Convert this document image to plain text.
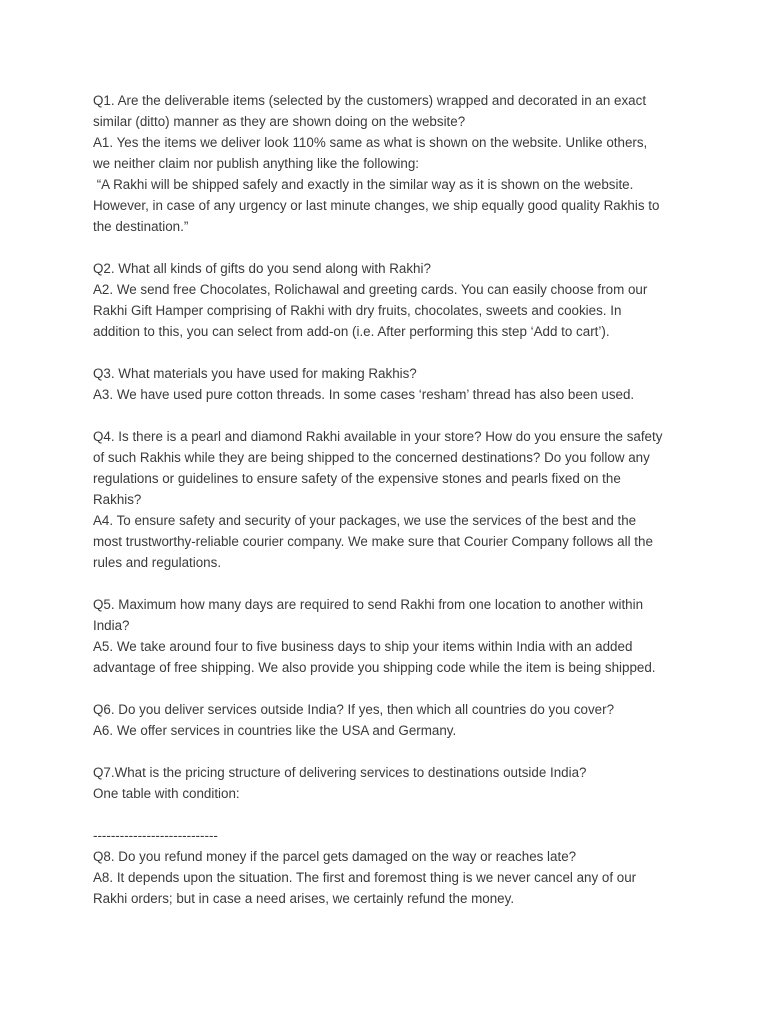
Q1. Are the deliverable items (selected by the customers) wrapped and decorated in an exact
similar (ditto) manner as they are shown doing on the website?
A1. Yes the items we deliver look 110% same as what is shown on the website. Unlike others,
we neither claim nor publish anything like the following:
“A Rakhi will be shipped safely and exactly in the similar way as it is shown on the website.
However, in case of any urgency or last minute changes, we ship equally good quality Rakhis to
the destination.”
Q2. What all kinds of gifts do you send along with Rakhi?
A2. We send free Chocolates, Rolichawal and greeting cards. You can easily choose from our
Rakhi Gift Hamper comprising of Rakhi with dry fruits, chocolates, sweets and cookies. In
addition to this, you can select from add-on (i.e. After performing this step ‘Add to cart’).
Q3. What materials you have used for making Rakhis?
A3. We have used pure cotton threads. In some cases ‘resham’ thread has also been used.
Q4. Is there is a pearl and diamond Rakhi available in your store? How do you ensure the safety
of such Rakhis while they are being shipped to the concerned destinations? Do you follow any
regulations or guidelines to ensure safety of the expensive stones and pearls fixed on the
Rakhis?
A4. To ensure safety and security of your packages, we use the services of the best and the
most trustworthy-reliable courier company. We make sure that Courier Company follows all the
rules and regulations.
Q5. Maximum how many days are required to send Rakhi from one location to another within
India?
A5. We take around four to five business days to ship your items within India with an added
advantage of free shipping. We also provide you shipping code while the item is being shipped.
Q6. Do you deliver services outside India? If yes, then which all countries do you cover?
A6. We offer services in countries like the USA and Germany.
Q7.What is the pricing structure of delivering services to destinations outside India?
One table with condition:
----------------------------
Q8. Do you refund money if the parcel gets damaged on the way or reaches late?
A8. It depends upon the situation. The first and foremost thing is we never cancel any of our
Rakhi orders; but in case a need arises, we certainly refund the money.
